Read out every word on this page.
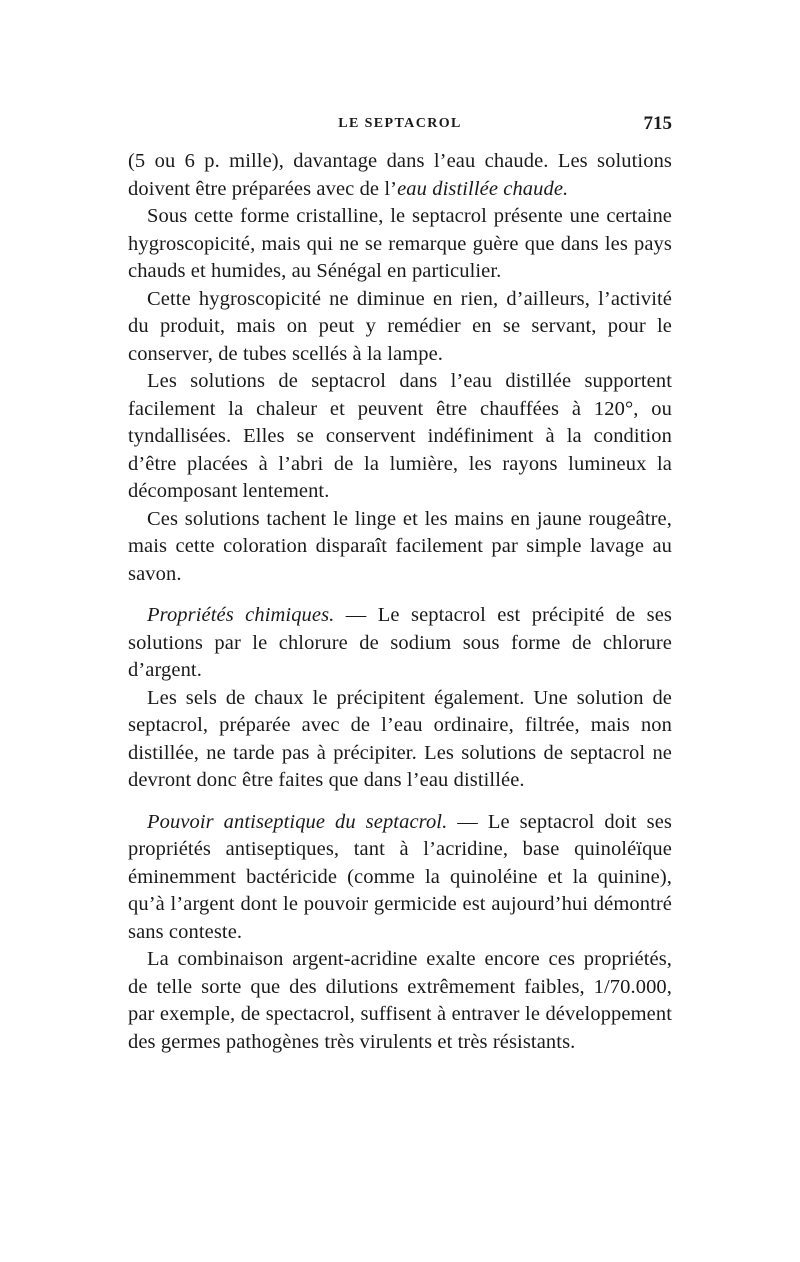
LE SEPTACROL	715

(5 ou 6 p. mille), davantage dans l’eau chaude. Les solutions doivent être préparées avec de l’eau distillée chaude.

Sous cette forme cristalline, le septacrol présente une certaine hygroscopicité, mais qui ne se remarque guère que dans les pays chauds et humides, au Sénégal en particulier.

Cette hygroscopicité ne diminue en rien, d’ailleurs, l’activité du produit, mais on peut y remédier en se servant, pour le conserver, de tubes scellés à la lampe.

Les solutions de septacrol dans l’eau distillée supportent facilement la chaleur et peuvent être chauffées à 120°, ou tyndallisées. Elles se conservent indéfiniment à la condition d’être placées à l’abri de la lumière, les rayons lumineux la décomposant lentement.

Ces solutions tachent le linge et les mains en jaune rougeâtre, mais cette coloration disparaît facilement par simple lavage au savon.

Propriétés chimiques. — Le septacrol est précipité de ses solutions par le chlorure de sodium sous forme de chlorure d’argent.

Les sels de chaux le précipitent également. Une solution de septacrol, préparée avec de l’eau ordinaire, filtrée, mais non distillée, ne tarde pas à précipiter. Les solutions de septacrol ne devront donc être faites que dans l’eau distillée.

Pouvoir antiseptique du septacrol. — Le septacrol doit ses propriétés antiseptiques, tant à l’acridine, base quinoléïque éminemment bactéricide (comme la quinoléine et la quinine), qu’à l’argent dont le pouvoir germicide est aujourd’hui démontré sans conteste.

La combinaison argent-acridine exalte encore ces propriétés, de telle sorte que des dilutions extrêmement faibles, 1/70.000, par exemple, de spectacrol, suffisent à entraver le développement des germes pathogènes très virulents et très résistants.
